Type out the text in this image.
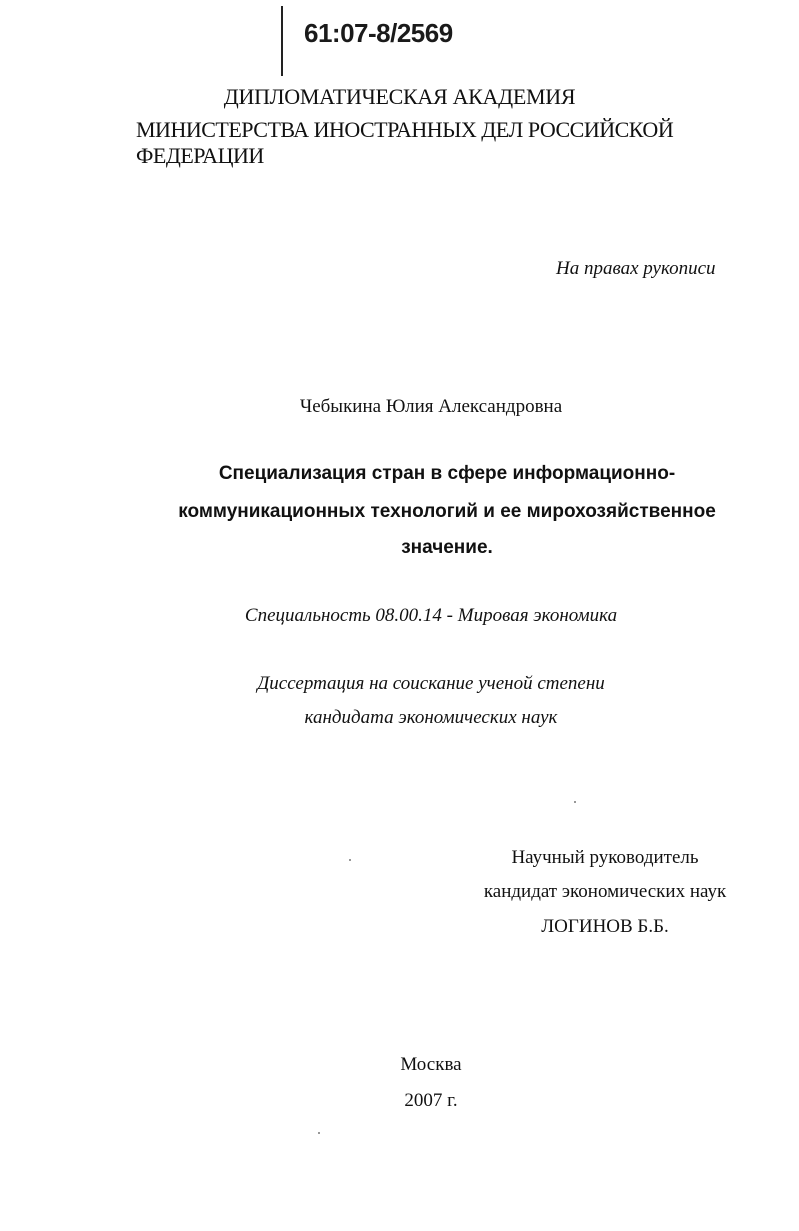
61:07-8/2569
ДИПЛОМАТИЧЕСКАЯ АКАДЕМИЯ
МИНИСТЕРСТВА ИНОСТРАННЫХ ДЕЛ РОССИЙСКОЙ ФЕДЕРАЦИИ
На правах рукописи
Чебыкина Юлия Александровна
Специализация стран в сфере информационно-
коммуникационных технологий и ее мирохозяйственное
значение.
Специальность 08.00.14 - Мировая экономика
Диссертация на соискание ученой степени
кандидата экономических наук
Научный руководитель
кандидат экономических наук
ЛОГИНОВ Б.Б.
Москва
2007 г.
